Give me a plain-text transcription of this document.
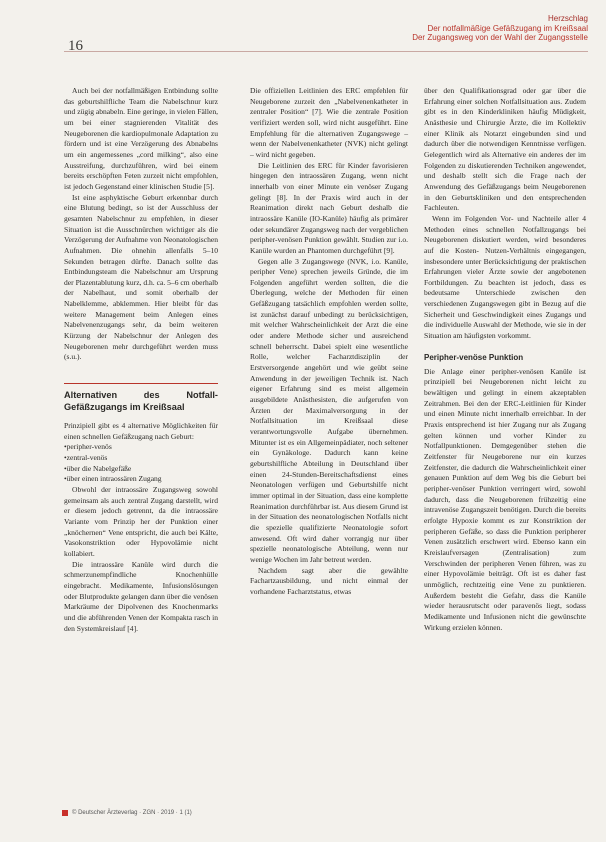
16
Herzschlag
Der notfallmäßige Gefäßzugang im Kreißsaal
Der Zugangsweg von der Wahl der Zugangsstelle

Auch bei der notfallmäßigen Entbindung sollte das geburtshilfliche Team die Nabelschnur kurz und zügig abnabeln. Eine geringe, in vielen Fällen, um bei einer stagnierenden Vitalität des Neugeborenen die kardiopulmonale Adaptation zu fördern und ist eine Verzögerung des Abnabelns um ein angemessenes „cord milking“, also eine Ausstreifung, durchzuführen, wird bei einem bereits erschöpften Feten zurzeit nicht empfohlen, ist jedoch Gegenstand einer klinischen Studie [5].

Ist eine asphyktische Geburt erkennbar durch eine Blutung bedingt, so ist der Ausschluss der gesamten Nabelschnur zu empfehlen, in dieser Situation ist die Ausschnürchen wichtiger als die Verzögerung der Aufnahme von Neonatologischen Aufnahmen. Die ohnehin allenfalls 5–10 Sekunden betragen dürfte. Danach sollte das Entbindungsteam die Nabelschnur am Ursprung der Plazentablutung kurz, d.h. ca. 5–6 cm oberhalb der Nabelhaut, und somit oberhalb der Nabelklemme, abklemmen. Hier bleibt für das weitere Management beim Anlegen eines Nabelvenenzugangs sehr, da beim weiteren Kürzung der Nabelschnur der Anlegen des Neugeborenen mehr durchgeführt werden muss (s.u.).

Alternativen des Notfall-Gefäßzugangs im Kreißsaal

Prinzipiell gibt es 4 alternative Möglichkeiten für einen schnellen Gefäßzugang nach Geburt:

• peripher-venös
• zentral-venös
• über die Nabelgefäße
• über einen intraossären Zugang

Obwohl der intraossäre Zugangsweg sowohl gemeinsam als auch zentral Zugang darstellt, wird er diesem jedoch getrennt, da die intraossäre Variante vom Prinzip her der Punktion einer „knöchernen“ Vene entspricht, die auch bei Kälte, Vasokonstriktion oder Hypovolämie nicht kollabiert.

Die intraossäre Kanüle wird durch die schmerzunempfindliche Knochenhülle eingebracht. Medikamente, Infusionslösungen oder Blutprodukte gelangen dann über die venösen Markräume der Dipolvenen des Knochenmarks und die abführenden Venen der Kompakta rasch in den Systemkreislauf [4].

Die offiziellen Leitlinien des ERC empfehlen für Neugeborene zurzeit den „Nabelvenenkatheter in zentraler Position“ [7]. Wie die zentrale Position verifiziert werden soll, wird nicht ausgeführt. Eine Empfehlung für die alternativen Zugangswege – wenn der Nabelvenenkatheter (NVK) nicht gelingt – wird nicht gegeben.

Die Leitlinien des ERC für Kinder favorisieren hingegen den intraossären Zugang, wenn nicht innerhalb von einer Minute ein venöser Zugang gelingt [8]. In der Praxis wird auch in der Reanimation direkt nach Geburt deshalb die intraossäre Kanüle (IO-Kanüle) häufig als primärer oder sekundärer Zugangsweg nach der vergeblichen peripher-venösen Punktion gewählt. Studien zur i.o. Kanüle wurden an Phantomen durchgeführt [9].

Gegen alle 3 Zugangswege (NVK, i.o. Kanüle, peripher Vene) sprechen jeweils Gründe, die im Folgenden angeführt werden sollten, die die Überlegung, welche der Methoden für einen Gefäßzugang tatsächlich empfohlen werden sollte, ist zunächst darauf unbedingt zu berücksichtigen, mit welcher Wahrscheinlichkeit der Arzt die eine oder andere Methode sicher und ausreichend schnell beherrscht. Dabei spielt eine wesentliche Rolle, welcher Facharztdisziplin der Erstversorgende angehört und wie geübt seine Anwendung in der jeweiligen Technik ist. Nach eigener Erfahrung sind es meist allgemein ausgebildete Anästhesisten, die aufgerufen von Ärzten der Maximalversorgung in der Notfallsituation im Kreißsaal diese verantwortungsvolle Aufgabe übernehmen. Mitunter ist es ein Allgemeinpädiater, noch seltener ein Gynäkologe. Dadurch kann keine geburtshilfliche Abteilung in Deutschland über einen 24-Stunden-Bereitschaftsdienst eines Neonatologen verfügen und Geburtshilfe nicht immer optimal in der Situation, dass eine komplette Reanimation durchführbar ist. Aus diesem Grund ist in der Situation des neonatologischen Notfalls nicht die spezielle qualifizierte Neonatologie sofort anwesend. Oft wird daher vorrangig nur über spezielle neonatologische Abteilung, wenn nur wenige Wochen im Jahr betreut werden.

Nachdem sagt aber die gewählte Fachartzausbildung, und nicht einmal der vorhandene Facharztstatus, etwas

über den Qualifikationsgrad oder gar über die Erfahrung einer solchen Notfallsituation aus. Zudem gibt es in den Kinderkliniken häufig Müdigkeit, Anästhesie und Chirurgie Ärzte, die im Kollektiv einer Klinik als Notarzt eingebunden sind und dadurch über die notwendigen Kenntnisse verfügen. Gelegentlich wird als Alternative ein anderes der im Folgenden zu diskutierenden Techniken angewendet, und deshalb stellt sich die Frage nach der Anwendung des Gefäßzugangs beim Neugeborenen in den Geburtskliniken und den entsprechenden Fachleuten.

Wenn im Folgenden Vor- und Nachteile aller 4 Methoden eines schnellen Notfallzugangs bei Neugeborenen diskutiert werden, wird besonderes auf die Kosten- Nutzen-Verhältnis eingegangen, insbesondere unter Berücksichtigung der praktischen Erfahrungen vieler Ärzte sowie der angebotenen Fortbildungen. Zu beachten ist jedoch, dass es bedeutsame Unterschiede zwischen den verschiedenen Zugangswegen gibt in Bezug auf die Sicherheit und Geschwindigkeit eines Zugangs und die individuelle Auswahl der Methode, wie sie in der Situation am häufigsten vorkommt.

Peripher-venöse Punktion

Die Anlage einer peripher-venösen Kanüle ist prinzipiell bei Neugeborenen nicht leicht zu bewältigen und gelingt in einem akzeptablen Zeitrahmen. Bei den der ERC-Leitlinien für Kinder und einen Minute nicht innerhalb erreichbar. In der Praxis entsprechend ist hier Zugang nur als Zugang gelten können und vorher Kinder zu Notfallpunktionen. Demgegenüber stehen die Zeitfenster für Neugeborene nur ein kurzes Zeitfenster, die dadurch die Wahrscheinlichkeit einer genauen Punktion auf dem Weg bis die Geburt bei peripher-venöser Punktion verringert wird, sowohl dadurch, dass die Neugeborenen frühzeitig eine intravenöse Zugangszeit benötigen. Durch die bereits erfolgte Hypoxie kommt es zur Konstriktion der peripheren Gefäße, so dass die Punktion peripherer Venen zusätzlich erschwert wird. Ebenso kann ein Kreislaufversagen (Zentralisation) zum Verschwinden der peripheren Venen führen, was zu einer Hypovolämie beiträgt. Oft ist es daher fast unmöglich, rechtzeitig eine Vene zu punktieren. Außerdem besteht die Gefahr, dass die Kanüle wieder herausrutscht oder paravenös liegt, sodass Medikamente und Infusionen nicht die gewünschte Wirkung erzielen können.

© Deutscher Ärzteverlag · ZGN · 2019 · 1 (1)
